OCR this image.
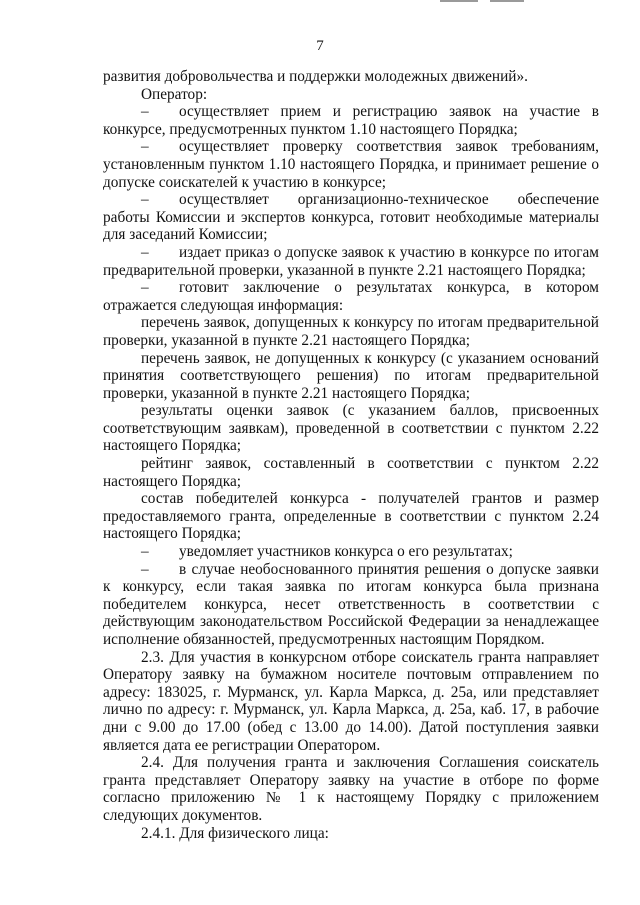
7

развития добровольчества и поддержки молодежных движений».

Оператор:

– осуществляет прием и регистрацию заявок на участие в конкурсе, предусмотренных пунктом 1.10 настоящего Порядка;

– осуществляет проверку соответствия заявок требованиям, установленным пунктом 1.10 настоящего Порядка, и принимает решение о допуске соискателей к участию в конкурсе;

– осуществляет организационно-техническое обеспечение работы Комиссии и экспертов конкурса, готовит необходимые материалы для заседаний Комиссии;

– издает приказ о допуске заявок к участию в конкурсе по итогам предварительной проверки, указанной в пункте 2.21 настоящего Порядка;

– готовит заключение о результатах конкурса, в котором отражается следующая информация:

перечень заявок, допущенных к конкурсу по итогам предварительной проверки, указанной в пункте 2.21 настоящего Порядка;

перечень заявок, не допущенных к конкурсу (с указанием оснований принятия соответствующего решения) по итогам предварительной проверки, указанной в пункте 2.21 настоящего Порядка;

результаты оценки заявок (с указанием баллов, присвоенных соответствующим заявкам), проведенной в соответствии с пунктом 2.22 настоящего Порядка;

рейтинг заявок, составленный в соответствии с пунктом 2.22 настоящего Порядка;

состав победителей конкурса - получателей грантов и размер предоставляемого гранта, определенные в соответствии с пунктом 2.24 настоящего Порядка;

– уведомляет участников конкурса о его результатах;

– в случае необоснованного принятия решения о допуске заявки к конкурсу, если такая заявка по итогам конкурса была признана победителем конкурса, несет ответственность в соответствии с действующим законодательством Российской Федерации за ненадлежащее исполнение обязанностей, предусмотренных настоящим Порядком.

2.3. Для участия в конкурсном отборе соискатель гранта направляет Оператору заявку на бумажном носителе почтовым отправлением по адресу: 183025, г. Мурманск, ул. Карла Маркса, д. 25а, или представляет лично по адресу: г. Мурманск, ул. Карла Маркса, д. 25а, каб. 17, в рабочие дни с 9.00 до 17.00 (обед с 13.00 до 14.00). Датой поступления заявки является дата ее регистрации Оператором.

2.4. Для получения гранта и заключения Соглашения соискатель гранта представляет Оператору заявку на участие в отборе по форме согласно приложению № 1 к настоящему Порядку с приложением следующих документов.

2.4.1. Для физического лица:
